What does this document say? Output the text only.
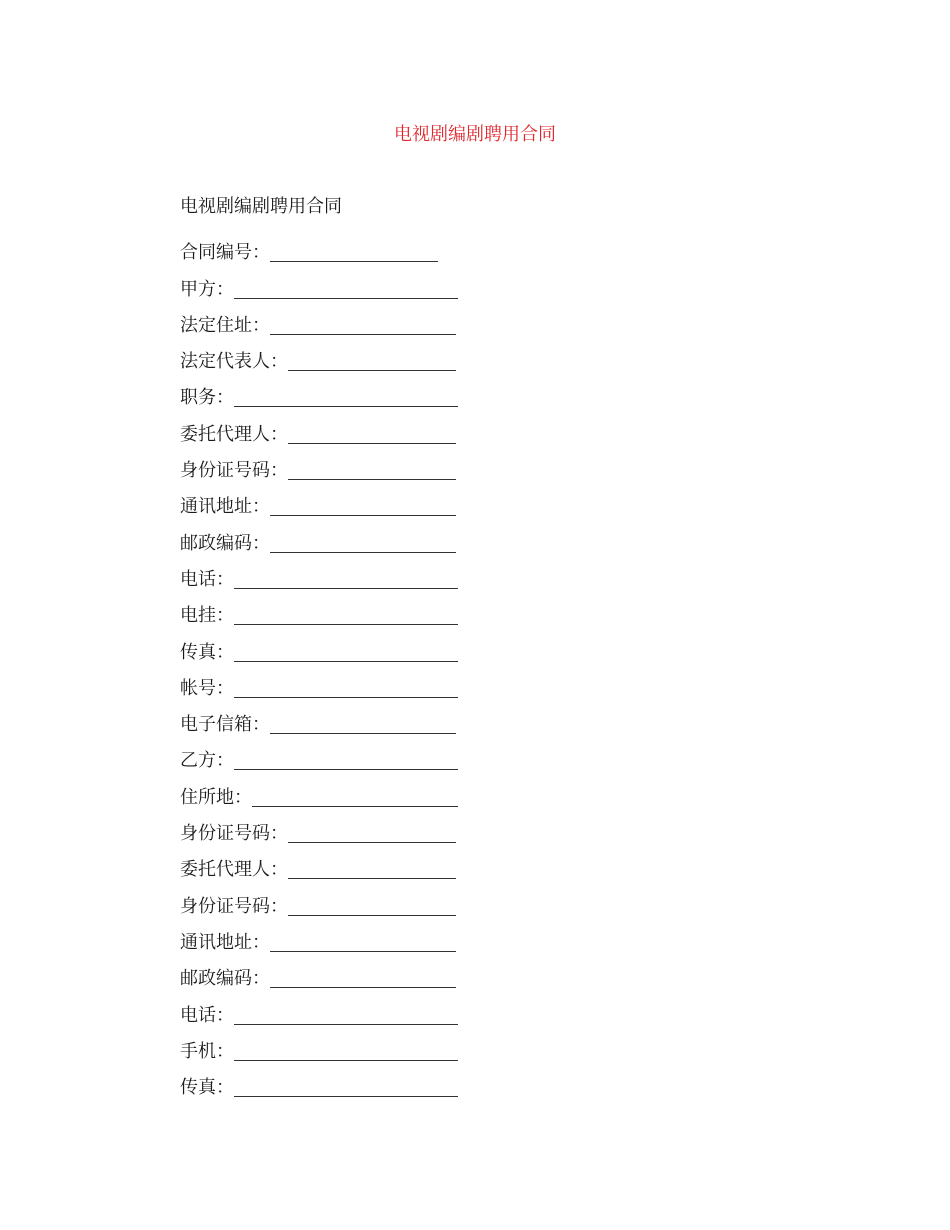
电视剧编剧聘用合同
电视剧编剧聘用合同
合同编号：
甲方：
法定住址：
法定代表人：
职务：
委托代理人：
身份证号码：
通讯地址：
邮政编码：
电话：
电挂：
传真：
帐号：
电子信箱：
乙方：
住所地：
身份证号码：
委托代理人：
身份证号码：
通讯地址：
邮政编码：
电话：
手机：
传真：
